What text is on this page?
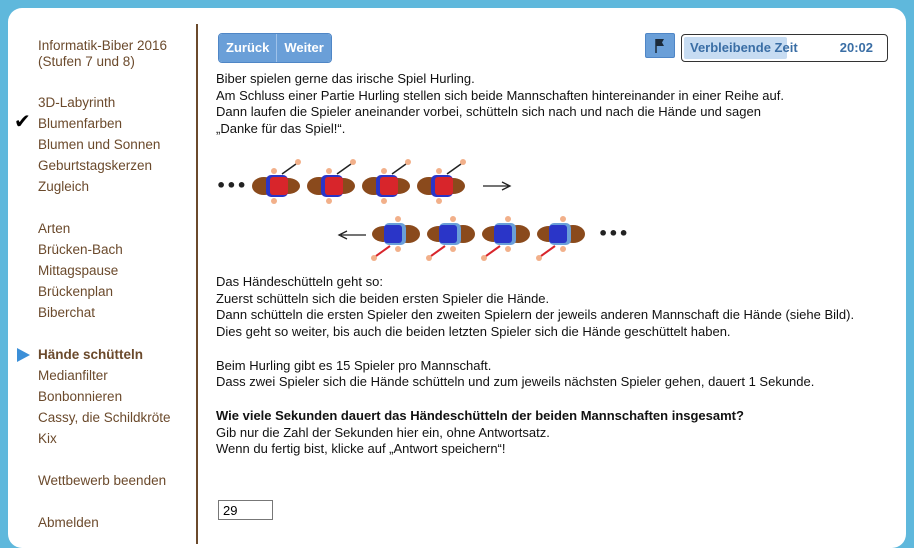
Informatik-Biber 2016
(Stufen 7 und 8)
3D-Labyrinth
Blumenfarben
Blumen und Sonnen
Geburtstagskerzen
Zugleich
Arten
Brücken-Bach
Mittagspause
Brückenplan
Biberchat
Hände schütteln
Medianfilter
Bonbonnieren
Cassy, die Schildkröte
Kix
Wettbewerb beenden
Abmelden
✔
Zurück	Weiter	Verbleibende Zeit	20:02

Biber spielen gerne das irische Spiel Hurling.

Am Schluss einer Partie Hurling stellen sich beide Mannschaften hintereinander in einer Reihe auf.

Dann laufen die Spieler aneinander vorbei, schütteln sich nach und nach die Hände und sagen

„Danke für das Spiel!“.

Das Händeschütteln geht so:

Zuerst schütteln sich die beiden ersten Spieler die Hände.

Dann schütteln die ersten Spieler den zweiten Spielern der jeweils anderen Mannschaft die Hände (siehe Bild).

Dies geht so weiter, bis auch die beiden letzten Spieler sich die Hände geschüttelt haben.

Beim Hurling gibt es 15 Spieler pro Mannschaft.

Dass zwei Spieler sich die Hände schütteln und zum jeweils nächsten Spieler gehen, dauert 1 Sekunde.

Wie viele Sekunden dauert das Händeschütteln der beiden Mannschaften insgesamt?

Gib nur die Zahl der Sekunden hier ein, ohne Antwortsatz.

Wenn du fertig bist, klicke auf „Antwort speichern“!

•••
•••
29
